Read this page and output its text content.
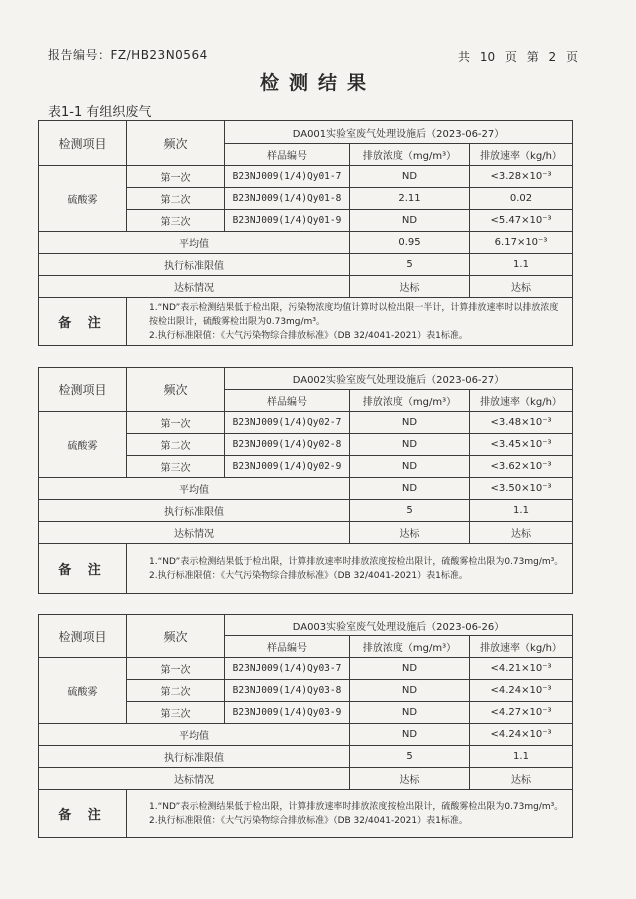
报告编号：FZ/HB23N0564	共 10 页 第 2 页
检测结果
表1-1 有组织废气
检测项目	频次	DA001实验室废气处理设施后（2023-06-27）		
		样品编号	排放浓度（mg/m³）	排放速率（kg/h）
硫酸雾	第一次	B23NJ009(1/4)Qy01-7	ND	<3.28×10⁻³
	第二次	B23NJ009(1/4)Qy01-8	2.11	0.02
	第三次	B23NJ009(1/4)Qy01-9	ND	<5.47×10⁻³
平均值			0.95	6.17×10⁻³
执行标准限值			5	1.1
达标情况			达标	达标
备 注	1.“ND”表示检测结果低于检出限，污染物浓度均值计算时以检出限一半计，计算排放速率时以排放浓度按检出限计，硫酸雾检出限为0.73mg/m³。
2.执行标准限值：《大气污染物综合排放标准》（DB 32/4041-2021）表1标准。			
检测项目	频次	DA002实验室废气处理设施后（2023-06-27）		
		样品编号	排放浓度（mg/m³）	排放速率（kg/h）
硫酸雾	第一次	B23NJ009(1/4)Qy02-7	ND	<3.48×10⁻³
	第二次	B23NJ009(1/4)Qy02-8	ND	<3.45×10⁻³
	第三次	B23NJ009(1/4)Qy02-9	ND	<3.62×10⁻³
平均值			ND	<3.50×10⁻³
执行标准限值			5	1.1
达标情况			达标	达标
备 注	1.“ND”表示检测结果低于检出限，计算排放速率时排放浓度按检出限计，硫酸雾检出限为0.73mg/m³。
2.执行标准限值：《大气污染物综合排放标准》（DB 32/4041-2021）表1标准。			
检测项目	频次	DA003实验室废气处理设施后（2023-06-26）		
		样品编号	排放浓度（mg/m³）	排放速率（kg/h）
硫酸雾	第一次	B23NJ009(1/4)Qy03-7	ND	<4.21×10⁻³
	第二次	B23NJ009(1/4)Qy03-8	ND	<4.24×10⁻³
	第三次	B23NJ009(1/4)Qy03-9	ND	<4.27×10⁻³
平均值			ND	<4.24×10⁻³
执行标准限值			5	1.1
达标情况			达标	达标
备 注	1.“ND”表示检测结果低于检出限，计算排放速率时排放浓度按检出限计，硫酸雾检出限为0.73mg/m³。
2.执行标准限值：《大气污染物综合排放标准》（DB 32/4041-2021）表1标准。			
